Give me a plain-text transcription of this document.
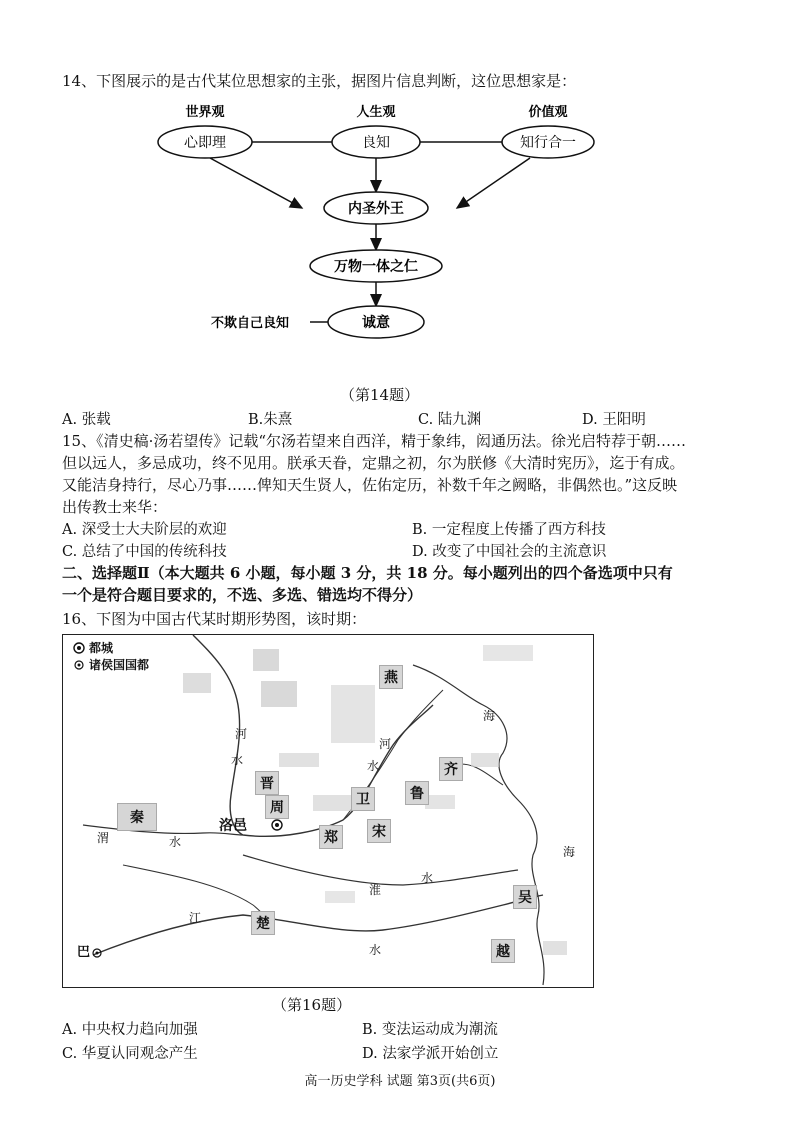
14、下图展示的是古代某位思想家的主张，据图片信息判断，这位思想家是：
世界观	人生观	价值观
心即理	良知	知行合一
内圣外王
万物一体之仁
诚意
不欺自己良知
（第14题）
A. 张载	B.朱熹	C. 陆九渊	D. 王阳明
15、《清史稿·汤若望传》记载“尔汤若望来自西洋，精于象纬，闳通历法。徐光启特荐于朝……
但以远人，多忌成功，终不见用。朕承天眷，定鼎之初，尔为朕修《大清时宪历》，迄于有成。
又能洁身持行，尽心乃事……俾知天生贤人，佐佑定历，补数千年之阙略，非偶然也。”这反映
出传教士来华：
A. 深受士大夫阶层的欢迎	B. 一定程度上传播了西方科技
C. 总结了中国的传统科技	D. 改变了中国社会的主流意识
二、选择题Ⅱ（本大题共 6 小题，每小题 3 分，共 18 分。每小题列出的四个备选项中只有
一个是符合题目要求的，不选、多选、错选均不得分）
16、下图为中国古代某时期形势图，该时期：
都城
诸侯国国都
燕
齐
晋
周	卫	鲁
秦
郑	宋
楚
吴
越
洛邑
巴
河
水
河
水
渭	水
江
水
淮
水
海
海
（第16题）
A. 中央权力趋向加强	B. 变法运动成为潮流
C. 华夏认同观念产生	D. 法家学派开始创立
高一历史学科 试题 第3页(共6页)
